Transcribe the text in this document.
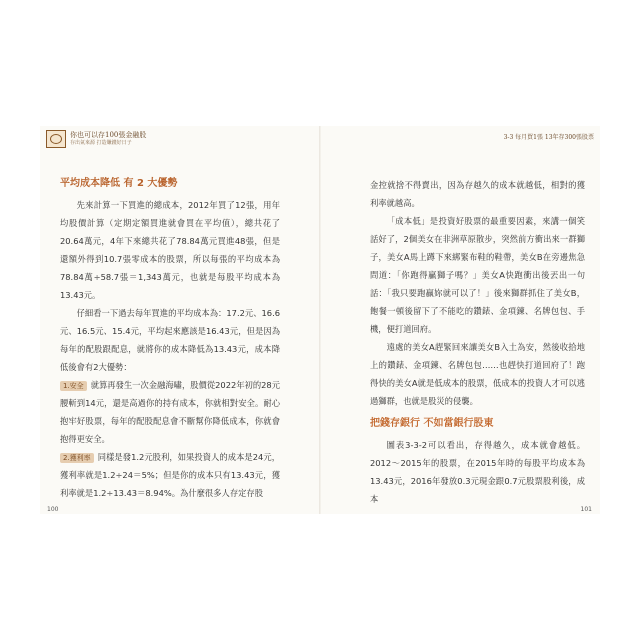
你也可以存100張金融股
存出氣來源 打造賺錢好日子
3-3 每月買1張 13年存300張股票
平均成本降低 有 2 大優勢

先來計算一下買進的總成本，2012年買了12張，用年均股價計算（定期定額買進就會買在平均值），總共花了20.64萬元，4年下來總共花了78.84萬元買進48張，但是還額外得到10.7張零成本的股票，所以每張的平均成本為78.84萬÷58.7張＝1,343萬元，也就是每股平均成本為13.43元。

仔細看一下過去每年買進的平均成本為：17.2元、16.6元、16.5元、15.4元，平均起來應該是16.43元，但是因為每年的配股跟配息，就將你的成本降低為13.43元，成本降低後會有2大優勢：

1.安全 就算再發生一次金融海嘯，股價從2022年初的28元腰斬到14元，還是高過你的持有成本，你就相對安全。耐心抱牢好股票，每年的配股配息會不斷幫你降低成本，你就會抱得更安全。

2.獲利率 同樣是發1.2元股利，如果投資人的成本是24元，獲利率就是1.2÷24＝5%；但是你的成本只有13.43元，獲利率就是1.2÷13.43＝8.94%。為什麼很多人存定存股

金控就捨不得賣出，因為存越久的成本就越低，相對的獲利率就越高。

「成本低」是投資好股票的最重要因素，來講一個笑話好了，2個美女在非洲草原散步，突然前方衝出來一群獅子，美女A馬上蹲下來綁緊布鞋的鞋帶，美女B在旁邊焦急問道：「你跑得贏獅子嗎？」美女A快跑衝出後丟出一句話：「我只要跑贏妳就可以了！」後來獅群抓住了美女B，飽餐一頓後留下了不能吃的鑽錶、金項鍊、名牌包包、手機，便打道回府。

遠處的美女A趕緊回來讓美女B入土為安，然後收拾地上的鑽錶、金項鍊、名牌包包……也趕快打道回府了！跑得快的美女A就是低成本的股票，低成本的投資人才可以逃過獅群，也就是股災的侵襲。

把錢存銀行 不如當銀行股東

圖表3-3-2可以看出，存得越久，成本就會越低。2012～2015年的股票，在2015年時的每股平均成本為13.43元，2016年發放0.3元現金跟0.7元股票股利後，成本

100	101
